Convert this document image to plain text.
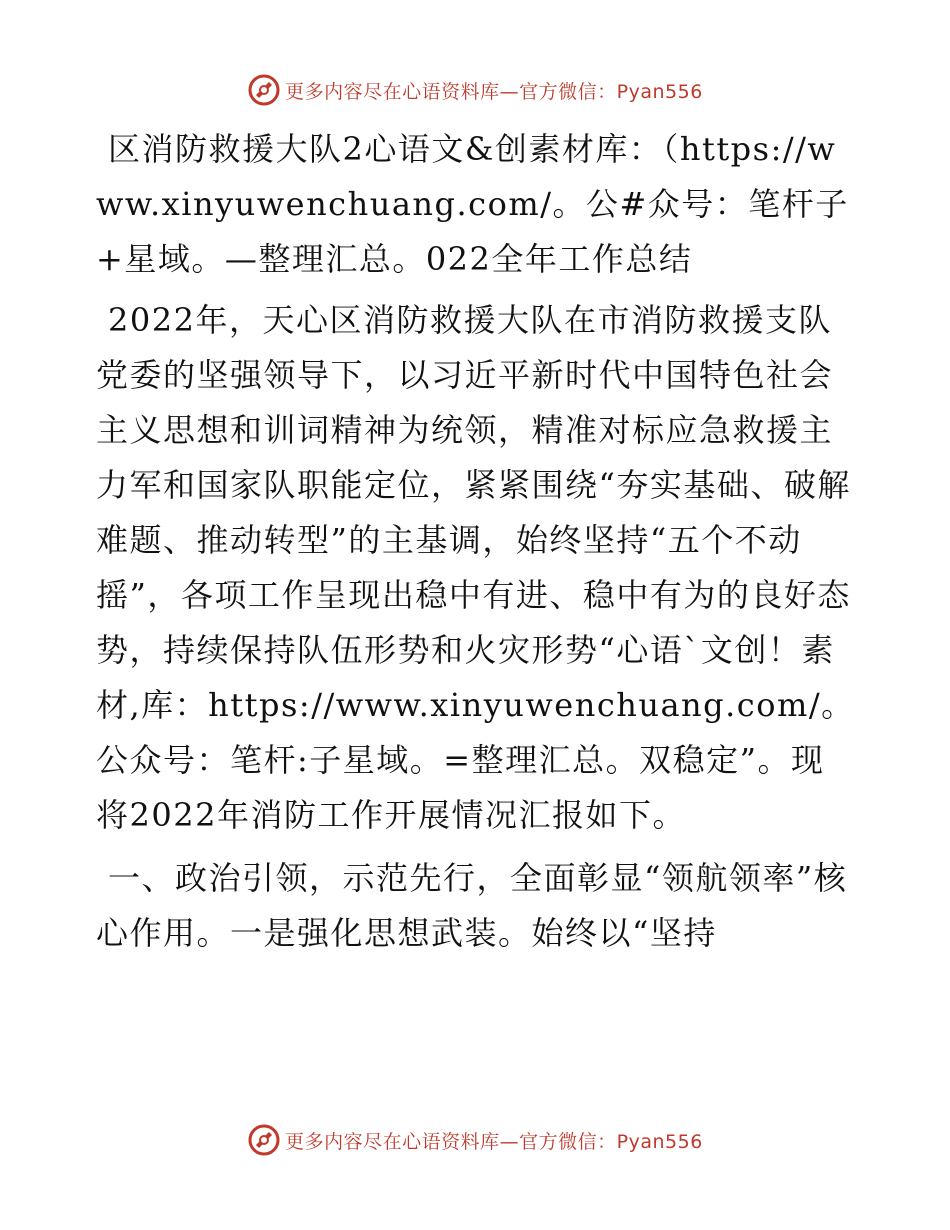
更多内容尽在心语资料库—官方微信：Pyan556

区消防救援大队2心语文&创素材库：（https://www.xinyuwenchuang.com/。公#众号：笔杆子+星域。—整理汇总。022全年工作总结

2022年，天心区消防救援大队在市消防救援支队党委的坚强领导下，以习近平新时代中国特色社会主义思想和训词精神为统领，精准对标应急救援主力军和国家队职能定位，紧紧围绕“夯实基础、破解难题、推动转型”的主基调，始终坚持“五个不动摇”，各项工作呈现出稳中有进、稳中有为的良好态势，持续保持队伍形势和火灾形势“心语`文创！素材,库：https://www.xinyuwenchuang.com/。公众号：笔杆:子星域。=整理汇总。双稳定”。现将2022年消防工作开展情况汇报如下。

一、政治引领，示范先行，全面彰显“领航领率”核心作用。一是强化思想武装。始终以“坚持

更多内容尽在心语资料库—官方微信：Pyan556
